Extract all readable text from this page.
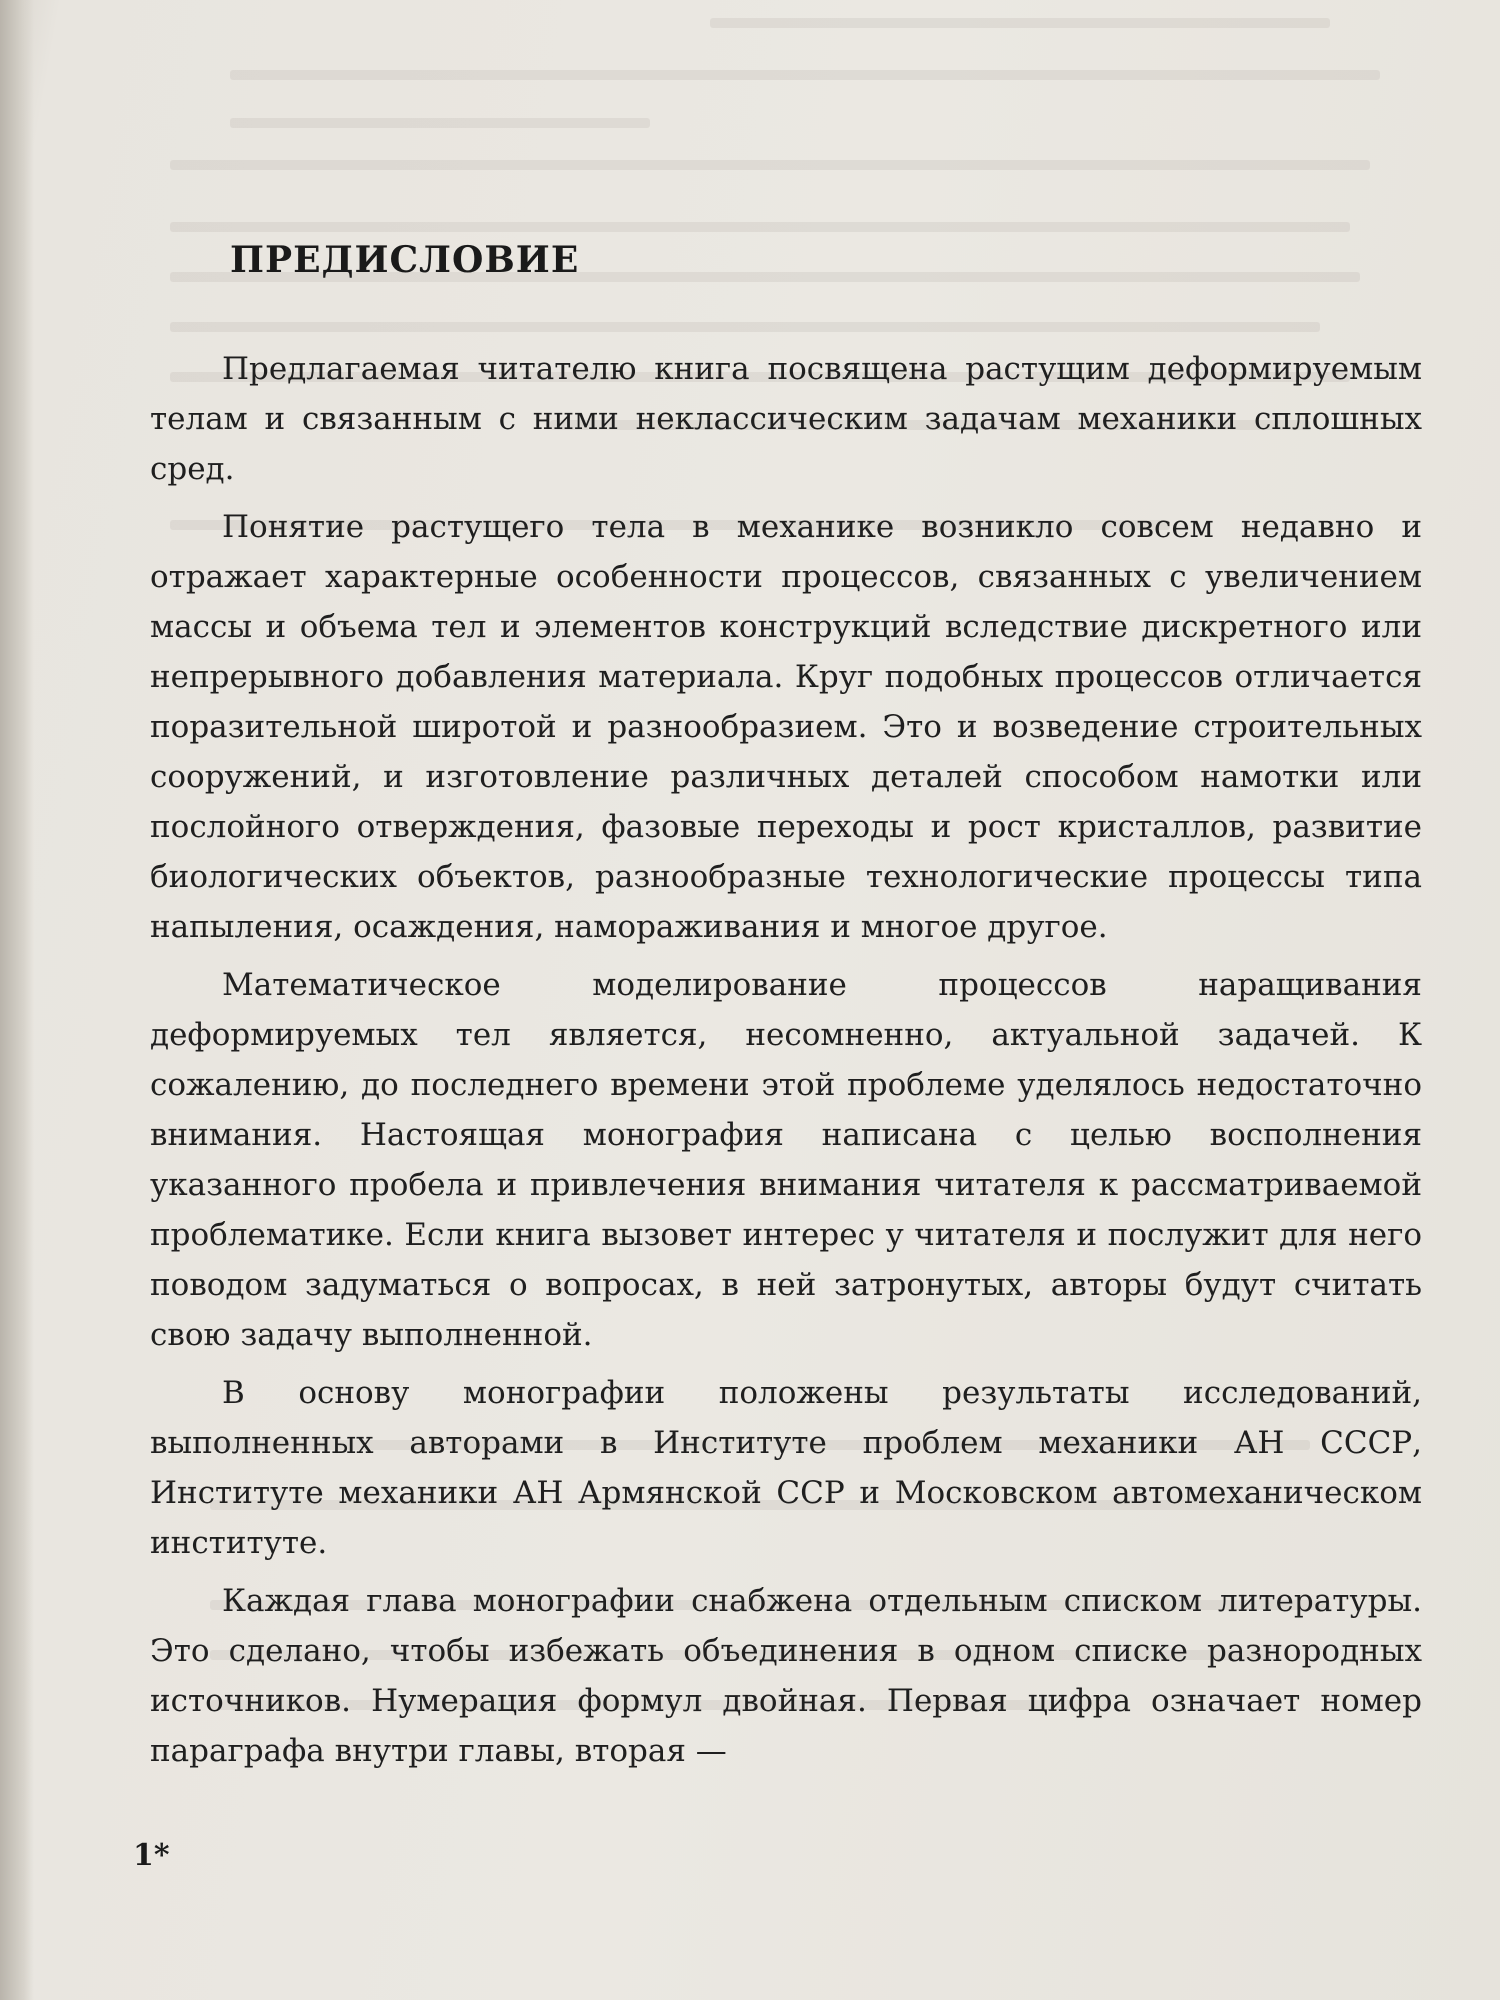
ПРЕДИСЛОВИЕ

Предлагаемая читателю книга посвящена растущим деформируемым телам и связанным с ними неклассическим задачам механики сплошных сред.

Понятие растущего тела в механике возникло совсем недавно и отражает характерные особенности процессов, связанных с увеличением массы и объема тел и элементов конструкций вследствие дискретного или непрерывного добавления материала. Круг подобных процессов отличается поразительной широтой и разнообразием. Это и возведение строительных сооружений, и изготовление различных деталей способом намотки или послойного отверждения, фазовые переходы и рост кристаллов, развитие биологических объектов, разнообразные технологические процессы типа напыления, осаждения, намораживания и многое другое.

Математическое моделирование процессов наращивания деформируемых тел является, несомненно, актуальной задачей. К сожалению, до последнего времени этой проблеме уделялось недостаточно внимания. Настоящая монография написана с целью восполнения указанного пробела и привлечения внимания читателя к рассматриваемой проблематике. Если книга вызовет интерес у читателя и послужит для него поводом задуматься о вопросах, в ней затронутых, авторы будут считать свою задачу выполненной.

В основу монографии положены результаты исследований, выполненных авторами в Институте проблем механики АН СССР, Институте механики АН Армянской ССР и Московском автомеханическом институте.

Каждая глава монографии снабжена отдельным списком литературы. Это сделано, чтобы избежать объединения в одном списке разнородных источников. Нумерация формул двойная. Первая цифра означает номер параграфа внутри главы, вторая —

1*
